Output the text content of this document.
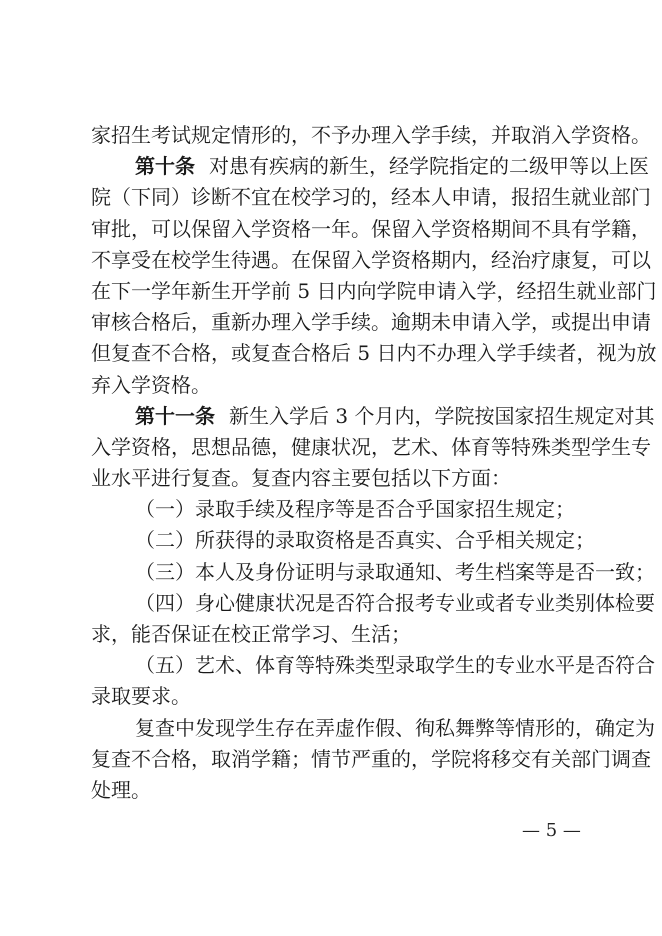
家招生考试规定情形的，不予办理入学手续，并取消入学资格。
第十条 对患有疾病的新生，经学院指定的二级甲等以上医
院（下同）诊断不宜在校学习的，经本人申请，报招生就业部门
审批，可以保留入学资格一年。保留入学资格期间不具有学籍，
不享受在校学生待遇。在保留入学资格期内，经治疗康复，可以
在下一学年新生开学前 5 日内向学院申请入学，经招生就业部门
审核合格后，重新办理入学手续。逾期未申请入学，或提出申请
但复查不合格，或复查合格后 5 日内不办理入学手续者，视为放
弃入学资格。
第十一条 新生入学后 3 个月内，学院按国家招生规定对其
入学资格，思想品德，健康状况，艺术、体育等特殊类型学生专
业水平进行复查。复查内容主要包括以下方面：
（一）录取手续及程序等是否合乎国家招生规定；
（二）所获得的录取资格是否真实、合乎相关规定；
（三）本人及身份证明与录取通知、考生档案等是否一致；
（四）身心健康状况是否符合报考专业或者专业类别体检要
求，能否保证在校正常学习、生活；
（五）艺术、体育等特殊类型录取学生的专业水平是否符合
录取要求。
复查中发现学生存在弄虚作假、徇私舞弊等情形的，确定为
复查不合格，取消学籍；情节严重的，学院将移交有关部门调查
处理。
— 5 —
